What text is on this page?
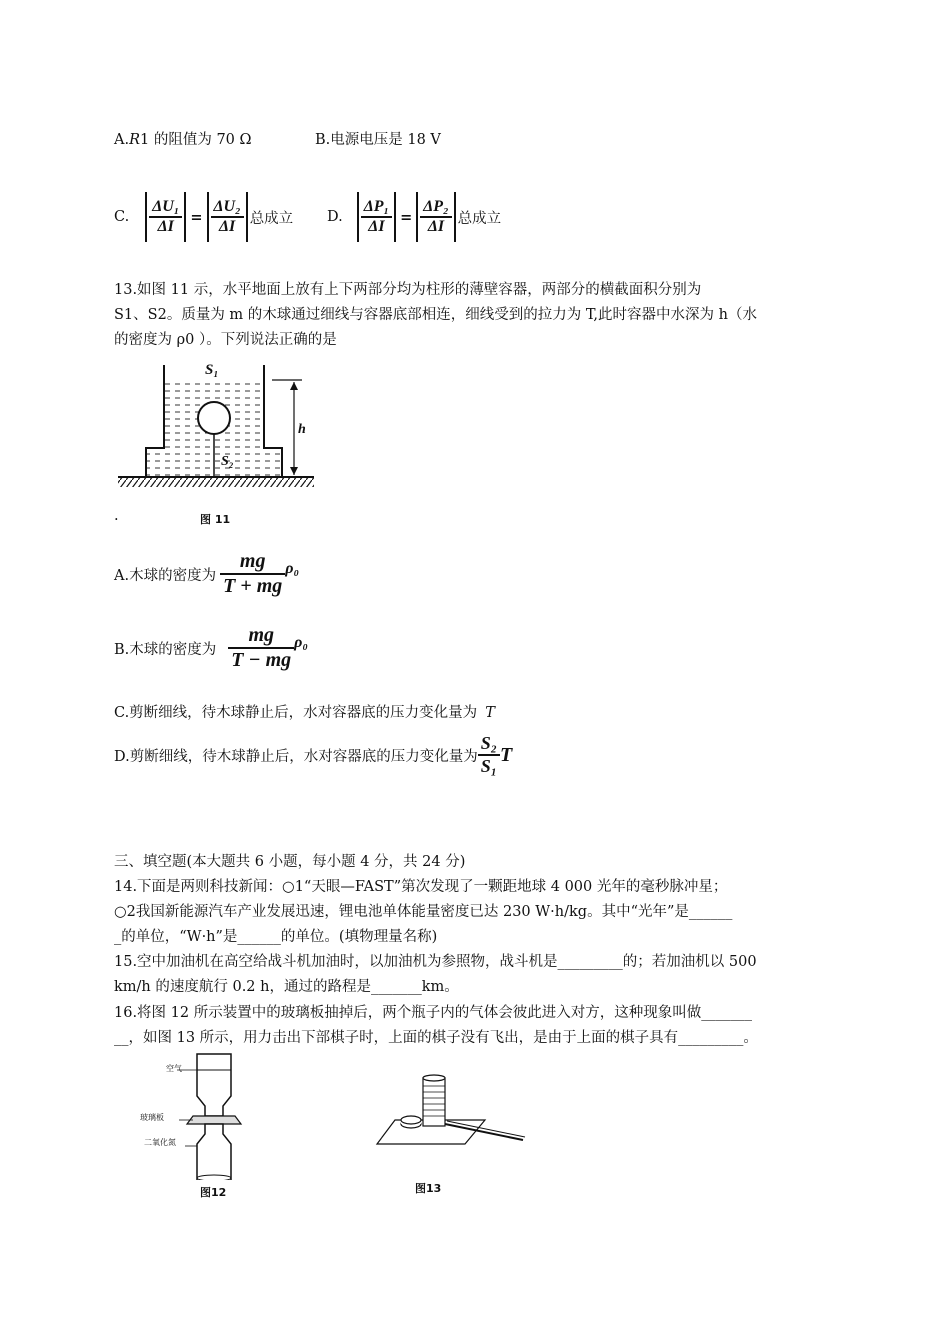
A.R1 的阻值为 70 Ω	B.电源电压是 18 V
C. $\frac{\text{ΔU₁}}{\Delta I} = \frac{\text{ΔU₂}}{\Delta I}$ 总成立 D. $\frac{\text{ΔP₁}}{\Delta I} = \frac{\text{ΔP₂}}{\Delta I}$ 总成立
13.如图 11 示，水平地面上放有上下两部分均为柱形的薄壁容器，两部分的横截面积分别为
S1、S2。质量为 m 的木球通过细线与容器底部相连，细线受到的拉力为 T,此时容器中水深为 h（水
的密度为 ρ0 ）。下列说法正确的是
S₁
S₂
h
.	图 11
A.木球的密度为 $\frac{mg}{T + mg} \rho_0$
B.木球的密度为 $\frac{mg}{T - mg} \rho_0$
C.剪断细线，待木球静止后，水对容器底的压力变化量为 T
D.剪断细线，待木球静止后，水对容器底的压力变化量为 $\frac{\text{S₂}}{\text{S₁}}$ T
三、填空题(本大题共 6 小题，每小题 4 分，共 24 分)
14.下面是两则科技新闻：○1“天眼—FAST”第次发现了一颗距地球 4 000 光年的毫秒脉冲星；
○2我国新能源汽车产业发展迅速，锂电池单体能量密度已达 230 W·h/kg。其中“光年”是______
_的单位，“W·h”是______的单位。(填物理量名称)
15.空中加油机在高空给战斗机加油时，以加油机为参照物，战斗机是_________的；若加油机以 500
km/h 的速度航行 0.2 h，通过的路程是_______km。
16.将图 12 所示装置中的玻璃板抽掉后，两个瓶子内的气体会彼此进入对方，这种现象叫做_______
__，如图 13 所示，用力击出下部棋子时，上面的棋子没有飞出，是由于上面的棋子具有_________。
空气
玻璃板
二氧化氮
图12	图13
